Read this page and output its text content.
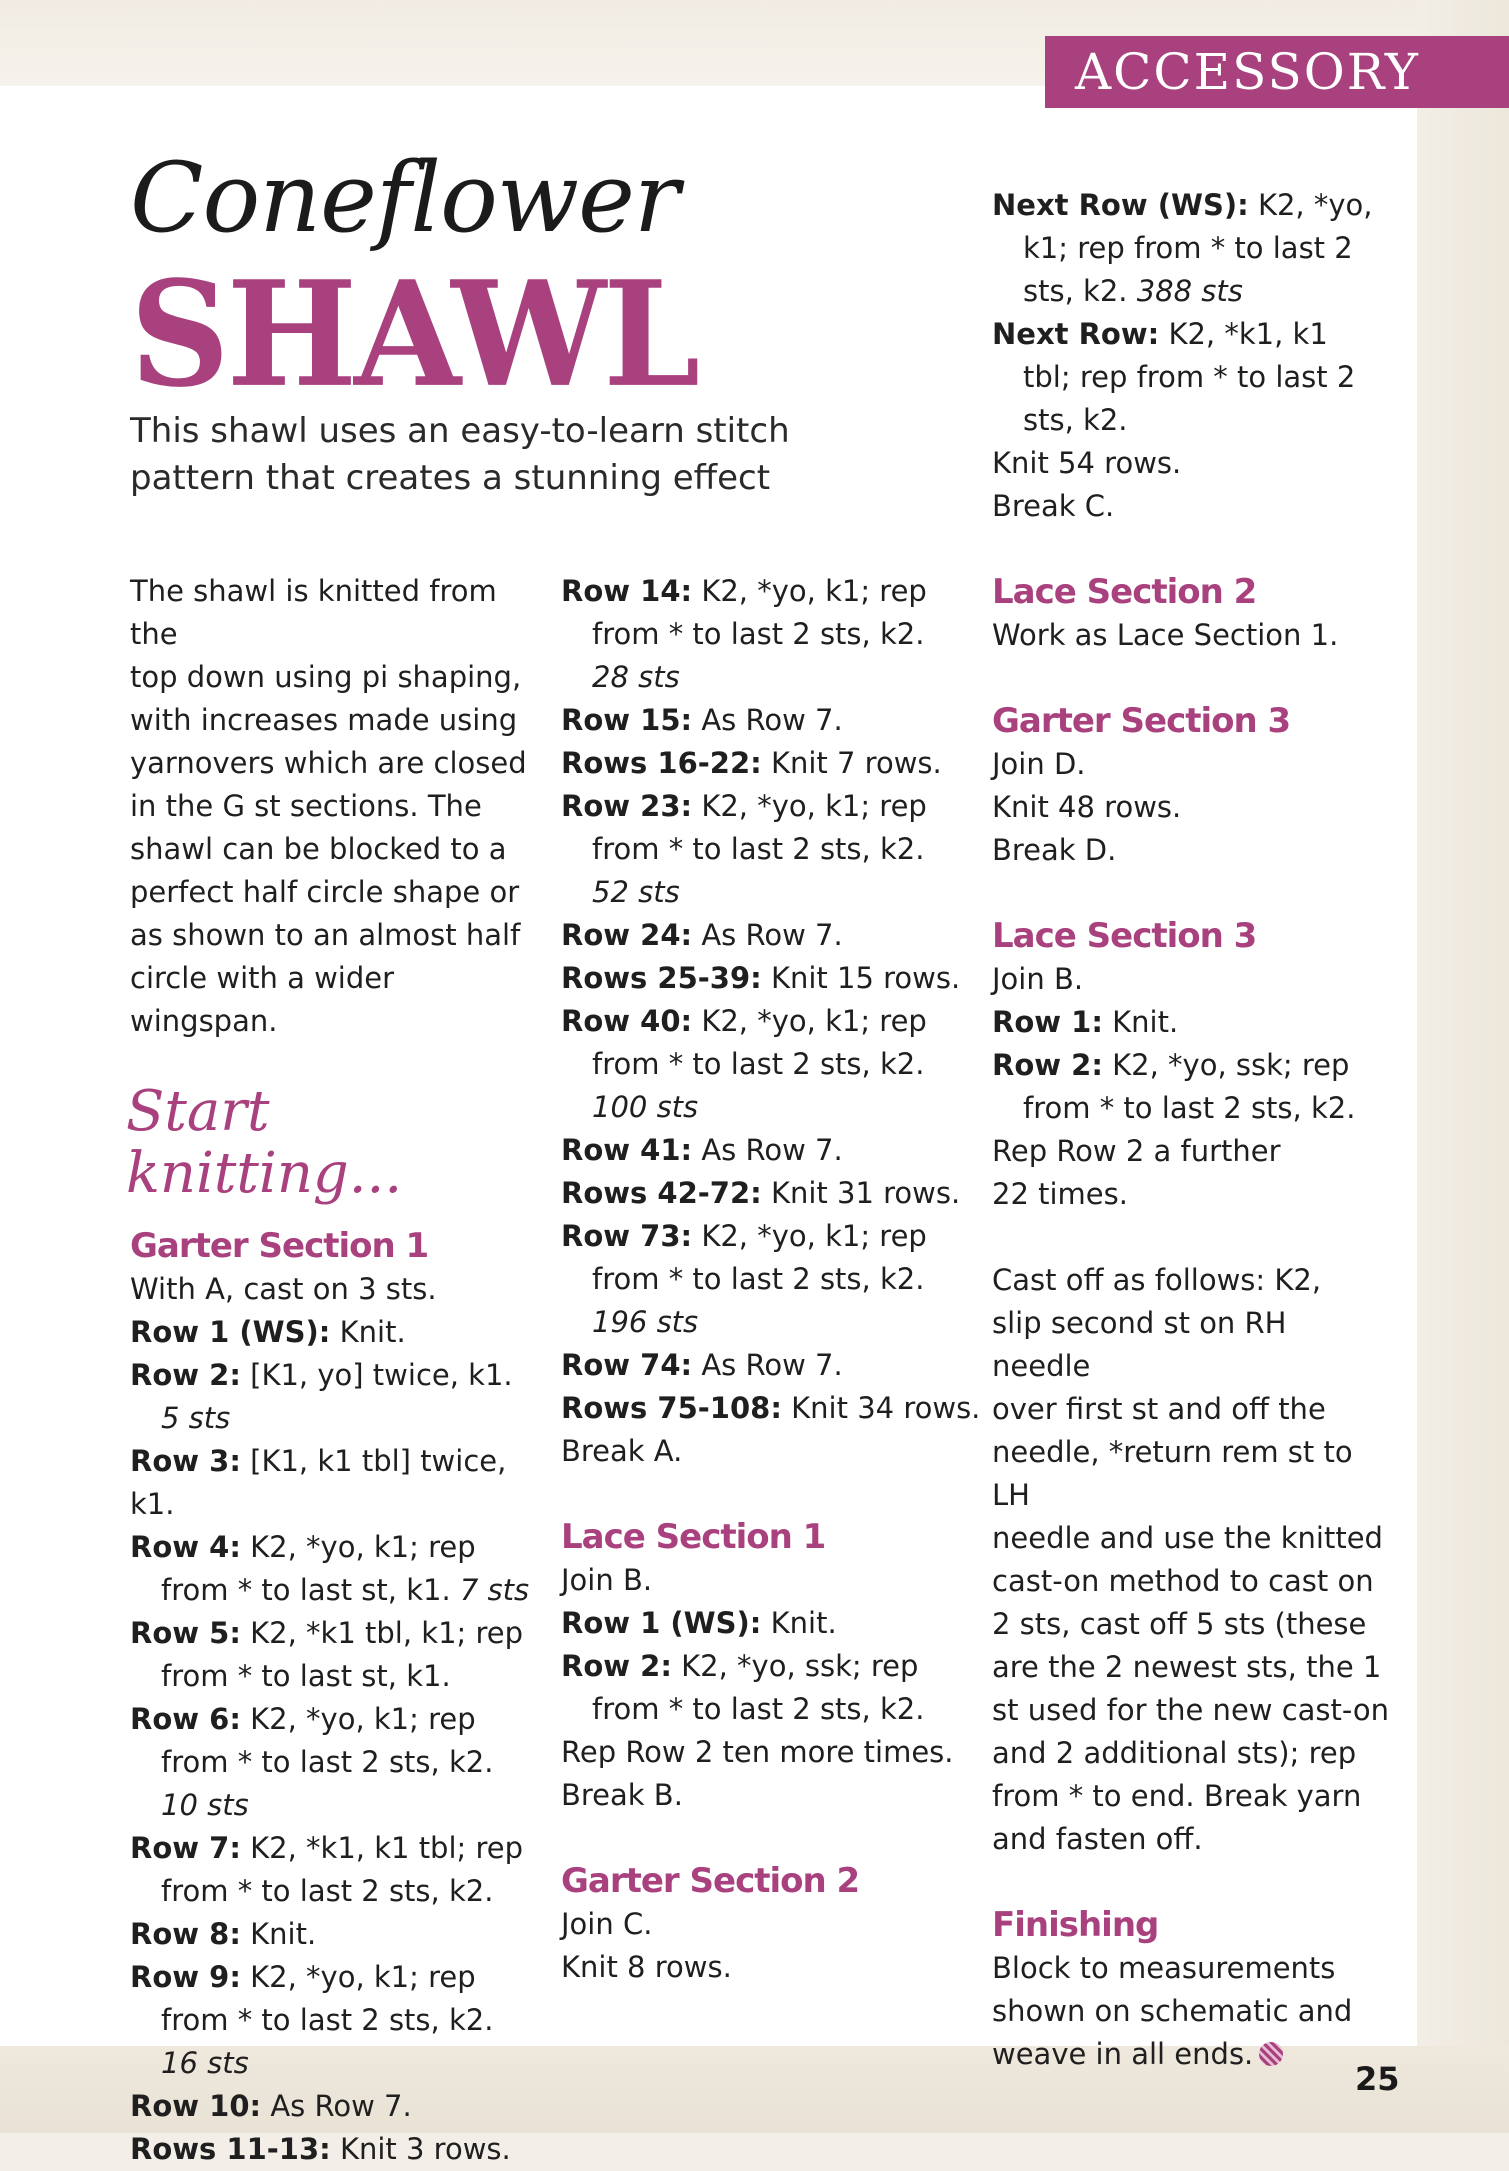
ACCESSORY
Coneflower
SHAWL
This shawl uses an easy-to-learn stitch pattern that creates a stunning effect

The shawl is knitted from the

top down using pi shaping,

with increases made using

yarnovers which are closed

in the G st sections. The

shawl can be blocked to a

perfect half circle shape or

as shown to an almost half

circle with a wider wingspan.

Start knitting...
Garter Section 1

With A, cast on 3 sts.

Row 1 (WS): Knit.

Row 2: [K1, yo] twice, k1.

5 sts

Row 3: [K1, k1 tbl] twice, k1.

Row 4: K2, *yo, k1; rep

from * to last st, k1. 7 sts

Row 5: K2, *k1 tbl, k1; rep

from * to last st, k1.

Row 6: K2, *yo, k1; rep

from * to last 2 sts, k2.

10 sts

Row 7: K2, *k1, k1 tbl; rep

from * to last 2 sts, k2.

Row 8: Knit.

Row 9: K2, *yo, k1; rep

from * to last 2 sts, k2.

16 sts

Row 10: As Row 7.

Rows 11-13: Knit 3 rows.

Row 14: K2, *yo, k1; rep

from * to last 2 sts, k2.

28 sts

Row 15: As Row 7.

Rows 16-22: Knit 7 rows.

Row 23: K2, *yo, k1; rep

from * to last 2 sts, k2.

52 sts

Row 24: As Row 7.

Rows 25-39: Knit 15 rows.

Row 40: K2, *yo, k1; rep

from * to last 2 sts, k2.

100 sts

Row 41: As Row 7.

Rows 42-72: Knit 31 rows.

Row 73: K2, *yo, k1; rep

from * to last 2 sts, k2.

196 sts

Row 74: As Row 7.

Rows 75-108: Knit 34 rows.

Break A.

Lace Section 1

Join B.

Row 1 (WS): Knit.

Row 2: K2, *yo, ssk; rep

from * to last 2 sts, k2.

Rep Row 2 ten more times.

Break B.

Garter Section 2

Join C.

Knit 8 rows.

Next Row (WS): K2, *yo,

k1; rep from * to last 2

sts, k2. 388 sts

Next Row: K2, *k1, k1

tbl; rep from * to last 2

sts, k2.

Knit 54 rows.

Break C.

Lace Section 2

Work as Lace Section 1.

Garter Section 3

Join D.

Knit 48 rows.

Break D.

Lace Section 3

Join B.

Row 1: Knit.

Row 2: K2, *yo, ssk; rep

from * to last 2 sts, k2.

Rep Row 2 a further

22 times.

Cast off as follows: K2,

slip second st on RH needle

over first st and off the

needle, *return rem st to LH

needle and use the knitted

cast-on method to cast on

2 sts, cast off 5 sts (these

are the 2 newest sts, the 1

st used for the new cast-on

and 2 additional sts); rep

from * to end. Break yarn

and fasten off.

Finishing

Block to measurements

shown on schematic and

weave in all ends.

25
